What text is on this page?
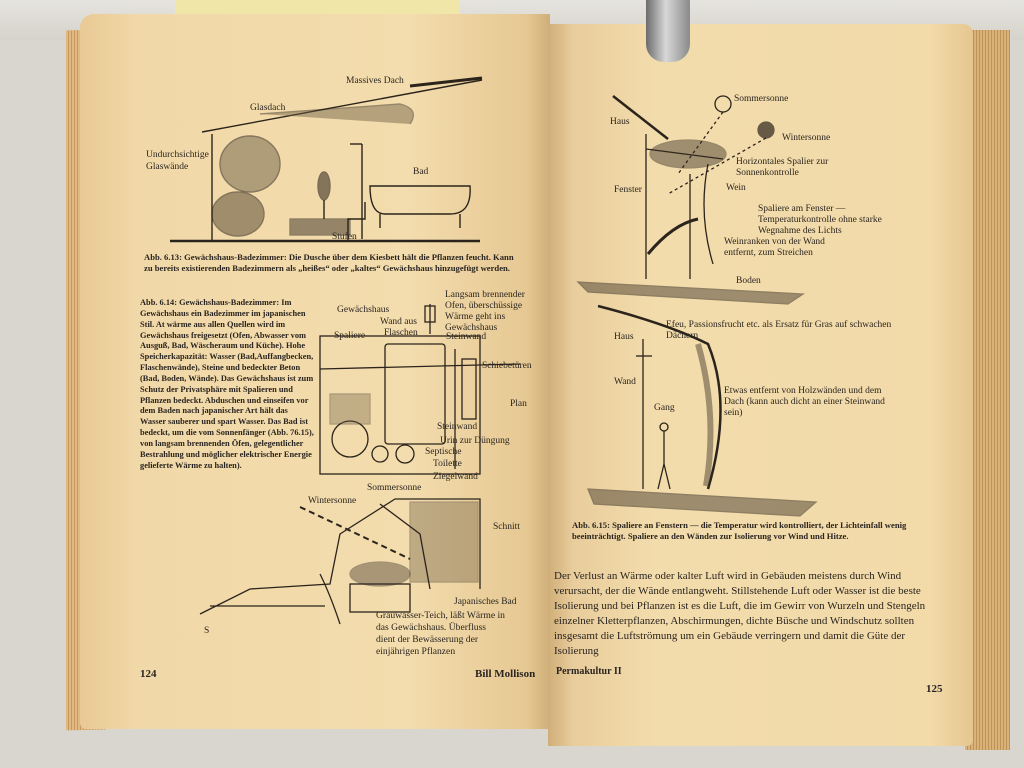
Massives Dach
Glasdach
Undurchsichtige
Glaswände	Bad
Stufen
Abb. 6.13: Gewächshaus-Badezimmer: Die Dusche über dem Kiesbett hält die Pflanzen feucht. Kann zu bereits existierenden Badezimmern als „heißes“ oder „kaltes“ Gewächshaus hinzugefügt werden.
Abb. 6.14: Gewächshaus-Badezimmer: Im Gewächshaus ein Badezimmer im japanischen Stil. At wärme aus allen Quellen wird im Gewächshaus freigesetzt (Ofen, Abwasser vom Ausguß, Bad, Wäscheraum und Küche). Hohe Speicherkapazität: Wasser (Bad,Auffangbecken, Flaschenwände), Steine und bedeckter Beton (Bad, Boden, Wände). Das Gewächshaus ist zum Schutz der Privatsphäre mit Spalieren und Pflanzen bedeckt. Abduschen und einseifen vor dem Baden nach japanischer Art hält das Wasser sauberer und spart Wasser. Das Bad ist bedeckt, um die vom Sonnenfänger (Abb. 76.15), von langsam brennenden Öfen, gelegentlicher Bestrahlung und möglicher elektrischer Energie gelieferte Wärme zu halten).
Gewächshaus
Wand aus
Flaschen
Spaliere
Langsam brennender Ofen, überschüssige Wärme geht ins Gewächshaus
Steinwand
Schiebetüren
Plan
Steinwand
Urin zur Düngung
Septische
Toilette
Ziegelwand
Sommersonne
Wintersonne
Schnitt
Japanisches Bad
S
Grauwasser-Teich, läßt Wärme in das Gewächshaus. Überfluss dient der Bewässerung der einjährigen Pflanzen
124	Bill Mollison
Sommersonne
Wintersonne
Haus
Horizontales Spalier zur Sonnenkontrolle
Fenster	Wein
Spaliere am Fenster — Temperaturkontrolle ohne starke Wegnahme des Lichts
Weinranken von der Wand entfernt, zum Streichen
Boden
Haus
Efeu, Passionsfrucht etc. als Ersatz für Gras auf schwachen Dächern
Wand
Gang
Etwas entfernt von Holzwänden und dem Dach (kann auch dicht an einer Steinwand sein)
Abb. 6.15: Spaliere an Fenstern — die Temperatur wird kontrolliert, der Lichteinfall wenig beeinträchtigt. Spaliere an den Wänden zur Isolierung vor Wind und Hitze.
Der Verlust an Wärme oder kalter Luft wird in Gebäuden meistens durch Wind verursacht, der die Wände entlangweht. Stillstehende Luft oder Wasser ist die beste Isolierung und bei Pflanzen ist es die Luft, die im Gewirr von Wurzeln und Stengeln einzelner Kletterpflanzen, Abschirmungen, dichte Büsche und Windschutz sollten insgesamt die Luftströmung um ein Gebäude verringern und damit die Güte der Isolierung
Permakultur II
125
